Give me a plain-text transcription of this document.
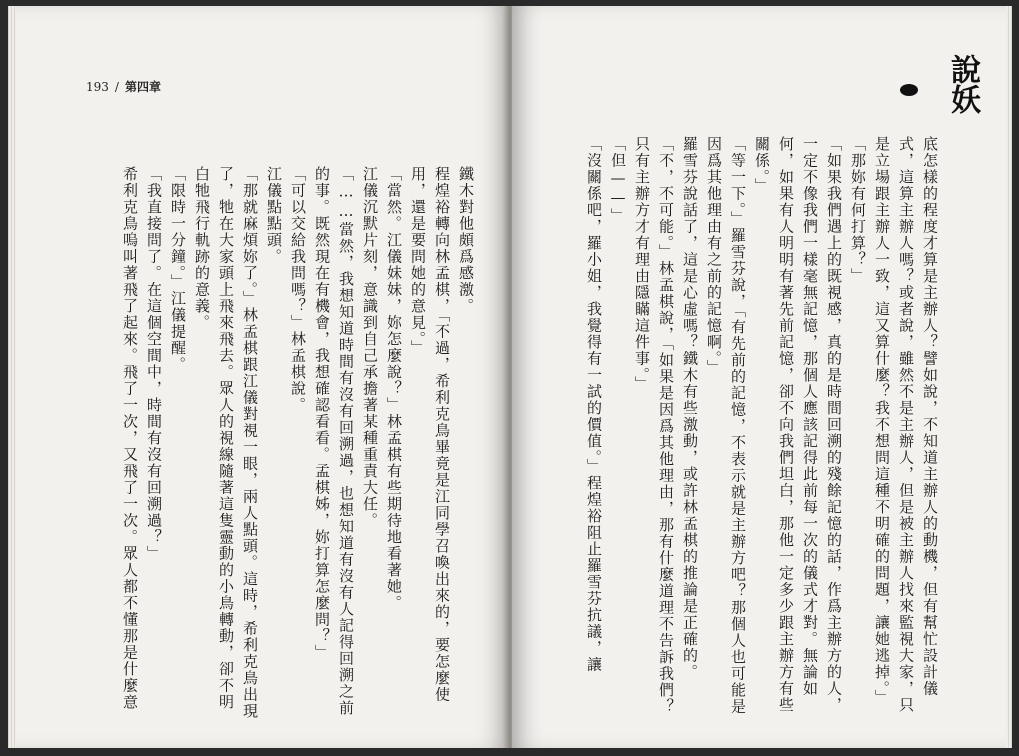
193 / 第四章

鐵木對他頗爲感激。

程煌裕轉向林孟棋，「不過，希利克鳥畢竟是江同學召喚出來的，要怎麼使用，還是要問她的意見。」

「當然。江儀妹妹，妳怎麼說？」林孟棋有些期待地看著她。

江儀沉默片刻，意識到自己承擔著某種重責大任。

「……當然，我想知道時間有沒有回溯過，也想知道有沒有人記得回溯之前的事。既然現在有機會，我想確認看看。孟棋姊，妳打算怎麼問？」

「可以交給我問嗎？」林孟棋說。

江儀點點頭。

「那就麻煩妳了。」林孟棋跟江儀對視一眼，兩人點頭。這時，希利克鳥出現了，牠在大家頭上飛來飛去。眾人的視線隨著這隻靈動的小鳥轉動，卻不明白牠飛行軌跡的意義。

「限時一分鐘。」江儀提醒。

「我直接問了。在這個空間中，時間有沒有回溯過？」

希利克鳥嗚叫著飛了起來。飛了一次，又飛了一次。眾人都不懂那是什麼意

說妖

底怎樣的程度才算是主辦人？譬如說，不知道主辦人的動機，但有幫忙設計儀式，這算主辦人嗎？或者說，雖然不是主辦人，但是被主辦人找來監視大家，只是立場跟主辦人一致，這又算什麼？我不想問這種不明確的問題，讓她逃掉。」

「那妳有何打算？」

「如果我們遇上的既視感，真的是時間回溯的殘餘記憶的話，作爲主辦方的人，一定不像我們一樣毫無記憶，那個人應該記得此前每一次的儀式才對。無論如何，如果有人明明有著先前記憶，卻不向我們坦白，那他一定多少跟主辦方有些關係。」

「等一下。」羅雪芬說，「有先前的記憶，不表示就是主辦方吧？那個人也可能是因爲其他理由有之前的記憶啊。」

羅雪芬說話了，這是心虛嗎？鐵木有些激動，或許林孟棋的推論是正確的。

「不，不可能。」林孟棋說，「如果是因爲其他理由，那有什麼道理不告訴我們？只有主辦方才有理由隱瞞這件事。」

「但——」

「沒關係吧，羅小姐，我覺得有一試的價值。」程煌裕阻止羅雪芬抗議，讓
